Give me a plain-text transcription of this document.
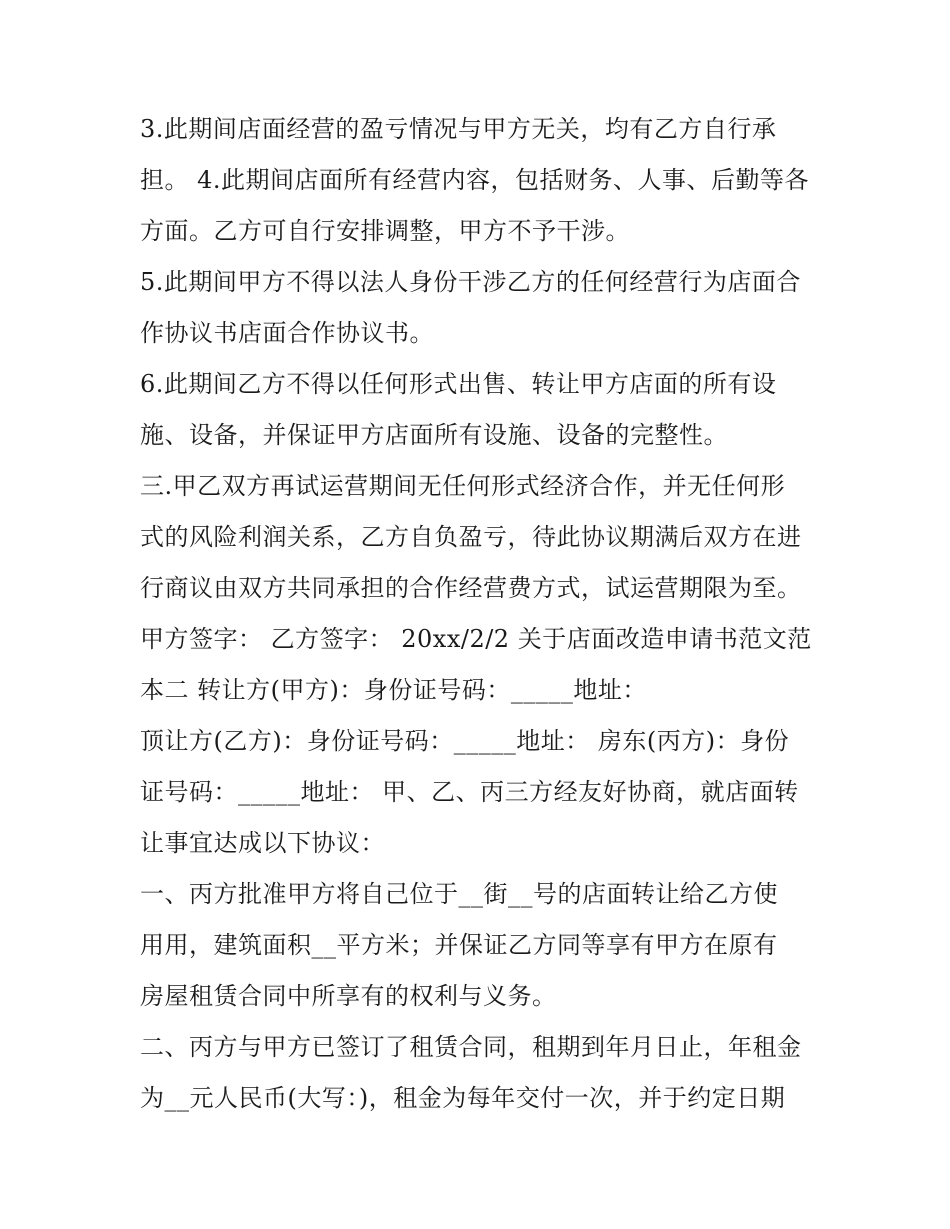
3.此期间店面经营的盈亏情况与甲方无关，均有乙方自行承
担。 4.此期间店面所有经营内容，包括财务、人事、后勤等各
方面。乙方可自行安排调整，甲方不予干涉。
5.此期间甲方不得以法人身份干涉乙方的任何经营行为店面合
作协议书店面合作协议书。
6.此期间乙方不得以任何形式出售、转让甲方店面的所有设
施、设备，并保证甲方店面所有设施、设备的完整性。
三.甲乙双方再试运营期间无任何形式经济合作，并无任何形
式的风险利润关系，乙方自负盈亏，待此协议期满后双方在进
行商议由双方共同承担的合作经营费方式，试运营期限为至。
甲方签字： 乙方签字： 20xx/2/2 关于店面改造申请书范文范
本二 转让方(甲方)：身份证号码：_____地址：
顶让方(乙方)：身份证号码：_____地址： 房东(丙方)：身份
证号码：_____地址： 甲、乙、丙三方经友好协商，就店面转
让事宜达成以下协议：
一、丙方批准甲方将自己位于__街__号的店面转让给乙方使
用用，建筑面积__平方米；并保证乙方同等享有甲方在原有
房屋租赁合同中所享有的权利与义务。
二、丙方与甲方已签订了租赁合同，租期到年月日止，年租金
为__元人民币(大写：)，租金为每年交付一次，并于约定日期
